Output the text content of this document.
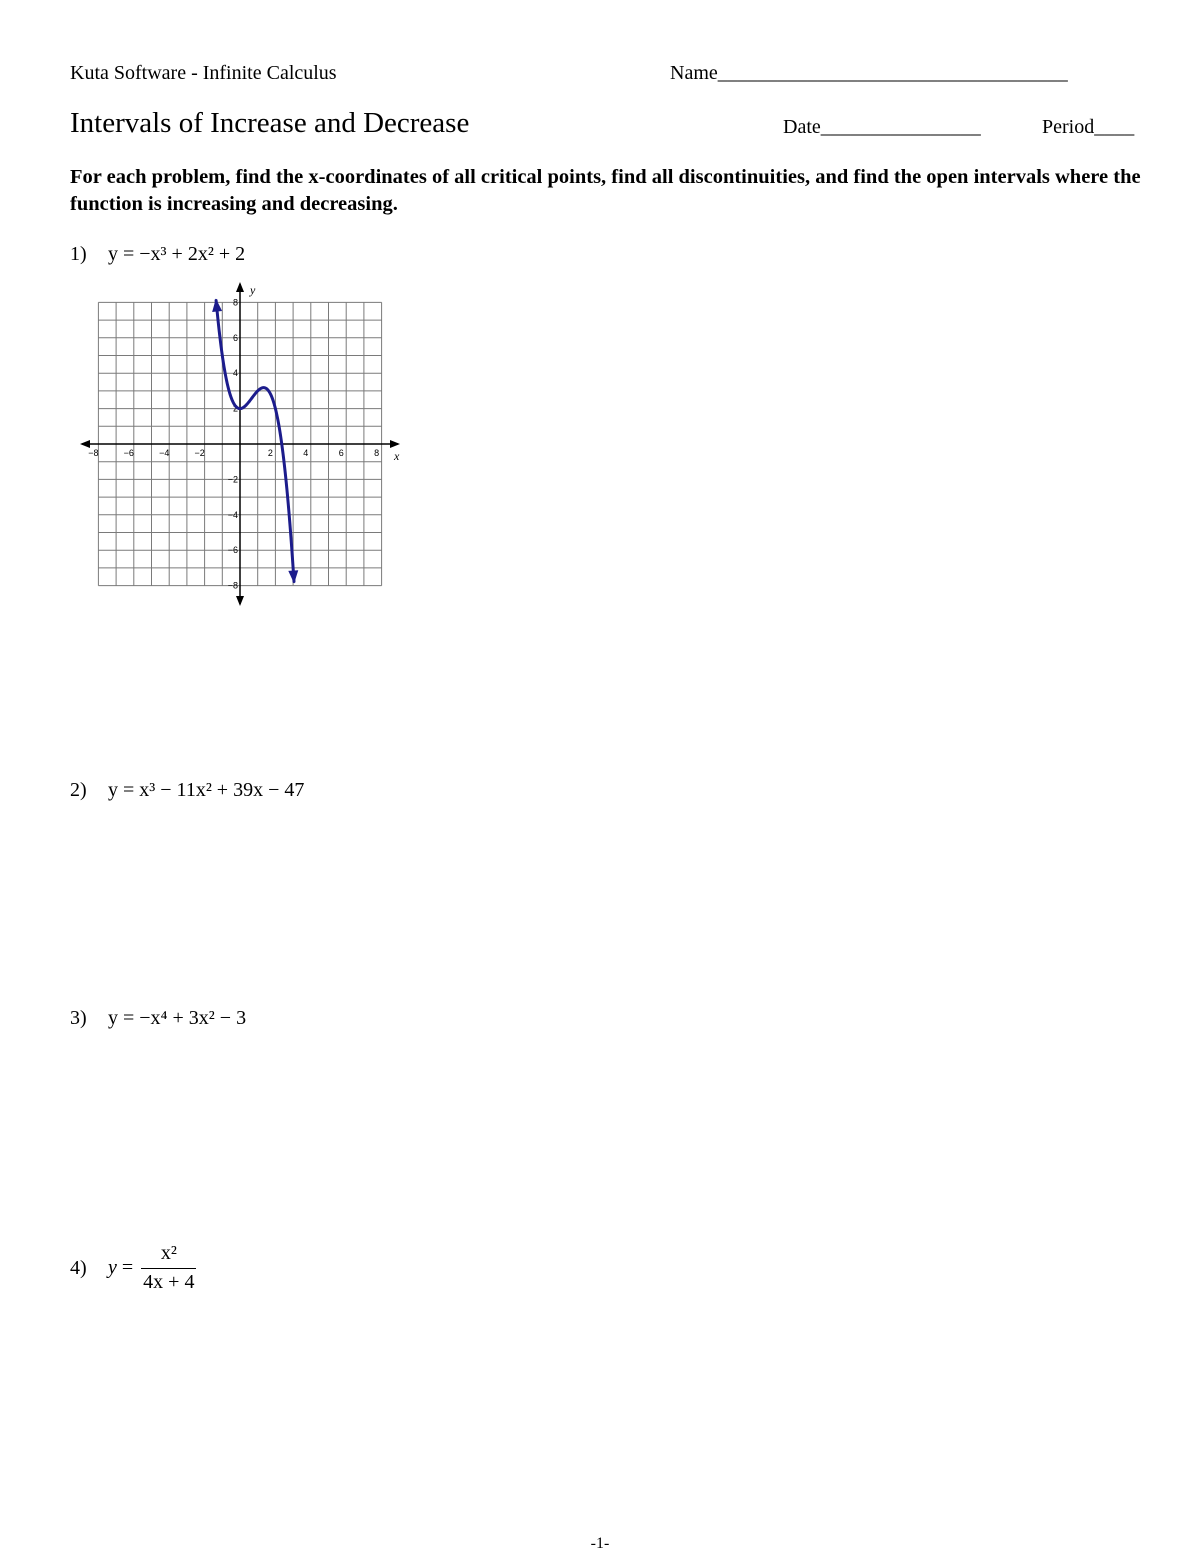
Kuta Software - Infinite Calculus	Name___________________________________
Intervals of Increase and Decrease	Date________________	Period____
For each problem, find the x-coordinates of all critical points, find all discontinuities, and find the open intervals where the function is increasing and decreasing.
1) y = −x³ + 2x² + 2
−8	−6	−4	−2	2	4	6	8
8
6
4
2
−2
−4
−6
−8
x
y
2) y = x³ − 11x² + 39x − 47
3) y = −x⁴ + 3x² − 3
4) $y = \frac{\text{x²}}{4x + 4}$
-1-
